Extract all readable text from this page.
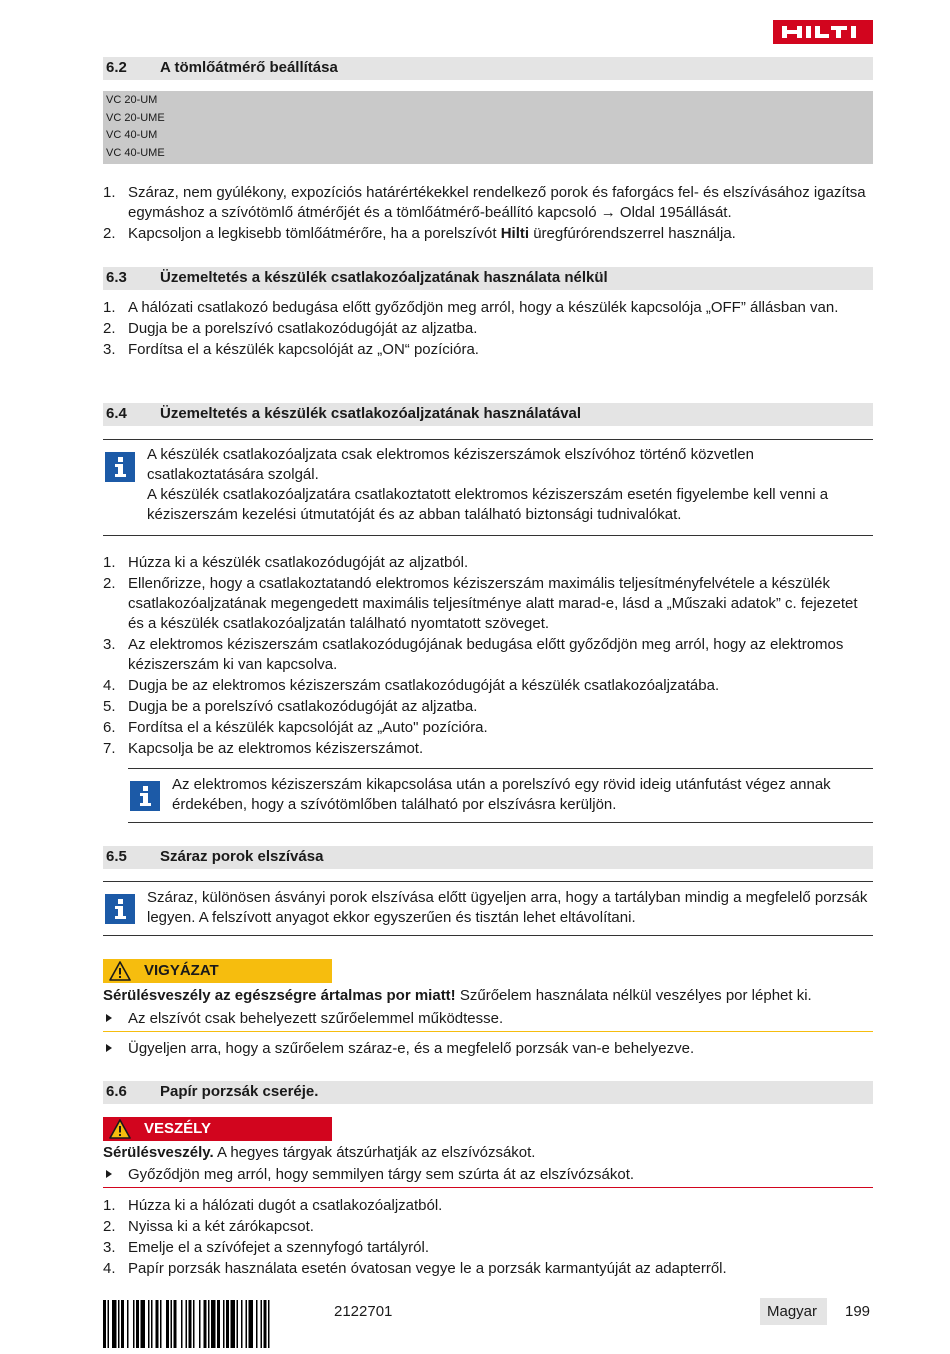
6.2 A tömlőátmérő beállítása
VC 20-UM
VC 20-UME
VC 40-UM
VC 40-UME
1. Száraz, nem gyúlékony, expozíciós határértékekkel rendelkező porok és faforgács fel- és elszívásához igazítsa egymáshoz a szívótömlő átmérőjét és a tömlőátmérő-beállító kapcsoló → Oldal 195állását.
2. Kapcsoljon a legkisebb tömlőátmérőre, ha a porelszívót Hilti üregfúrórendszerrel használja.
6.3 Üzemeltetés a készülék csatlakozóaljzatának használata nélkül
1. A hálózati csatlakozó bedugása előtt győződjön meg arról, hogy a készülék kapcsolója „OFF” állásban van.
2. Dugja be a porelszívó csatlakozódugóját az aljzatba.
3. Fordítsa el a készülék kapcsolóját az „ON“ pozícióra.
6.4 Üzemeltetés a készülék csatlakozóaljzatának használatával

A készülék csatlakozóaljzata csak elektromos kéziszerszámok elszívóhoz történő közvetlen csatlakoztatására szolgál.

A készülék csatlakozóaljzatára csatlakoztatott elektromos kéziszerszám esetén figyelembe kell venni a kéziszerszám kezelési útmutatóját és az abban található biztonsági tudnivalókat.

1. Húzza ki a készülék csatlakozódugóját az aljzatból.
2. Ellenőrizze, hogy a csatlakoztatandó elektromos kéziszerszám maximális teljesítményfelvétele a készülék csatlakozóaljzatának megengedett maximális teljesítménye alatt marad-e, lásd a „Műszaki adatok” c. fejezetet és a készülék csatlakozóaljzatán található nyomtatott szöveget.
3. Az elektromos kéziszerszám csatlakozódugójának bedugása előtt győződjön meg arról, hogy az elektromos kéziszerszám ki van kapcsolva.
4. Dugja be az elektromos kéziszerszám csatlakozódugóját a készülék csatlakozóaljzatába.
5. Dugja be a porelszívó csatlakozódugóját az aljzatba.
6. Fordítsa el a készülék kapcsolóját az „Auto" pozícióra.
7. Kapcsolja be az elektromos kéziszerszámot.

Az elektromos kéziszerszám kikapcsolása után a porelszívó egy rövid ideig utánfutást végez annak érdekében, hogy a szívótömlőben található por elszívásra kerüljön.

6.5 Száraz porok elszívása

Száraz, különösen ásványi porok elszívása előtt ügyeljen arra, hogy a tartályban mindig a megfelelő porzsák legyen. A felszívott anyagot ekkor egyszerűen és tisztán lehet eltávolítani.

VIGYÁZAT
Sérülésveszély az egészségre ártalmas por miatt! Szűrőelem használata nélkül veszélyes por léphet ki.
Az elszívót csak behelyezett szűrőelemmel működtesse.
Ügyeljen arra, hogy a szűrőelem száraz-e, és a megfelelő porzsák van-e behelyezve.
6.6 Papír porzsák cseréje.
VESZÉLY
Sérülésveszély. A hegyes tárgyak átszúrhatják az elszívózsákot.
Győződjön meg arról, hogy semmilyen tárgy sem szúrta át az elszívózsákot.
1. Húzza ki a hálózati dugót a csatlakozóaljzatból.
2. Nyissa ki a két zárókapcsot.
3. Emelje el a szívófejet a szennyfogó tartályról.
4. Papír porzsák használata esetén óvatosan vegye le a porzsák karmantyúját az adapterről.
2122701	Magyar 199
